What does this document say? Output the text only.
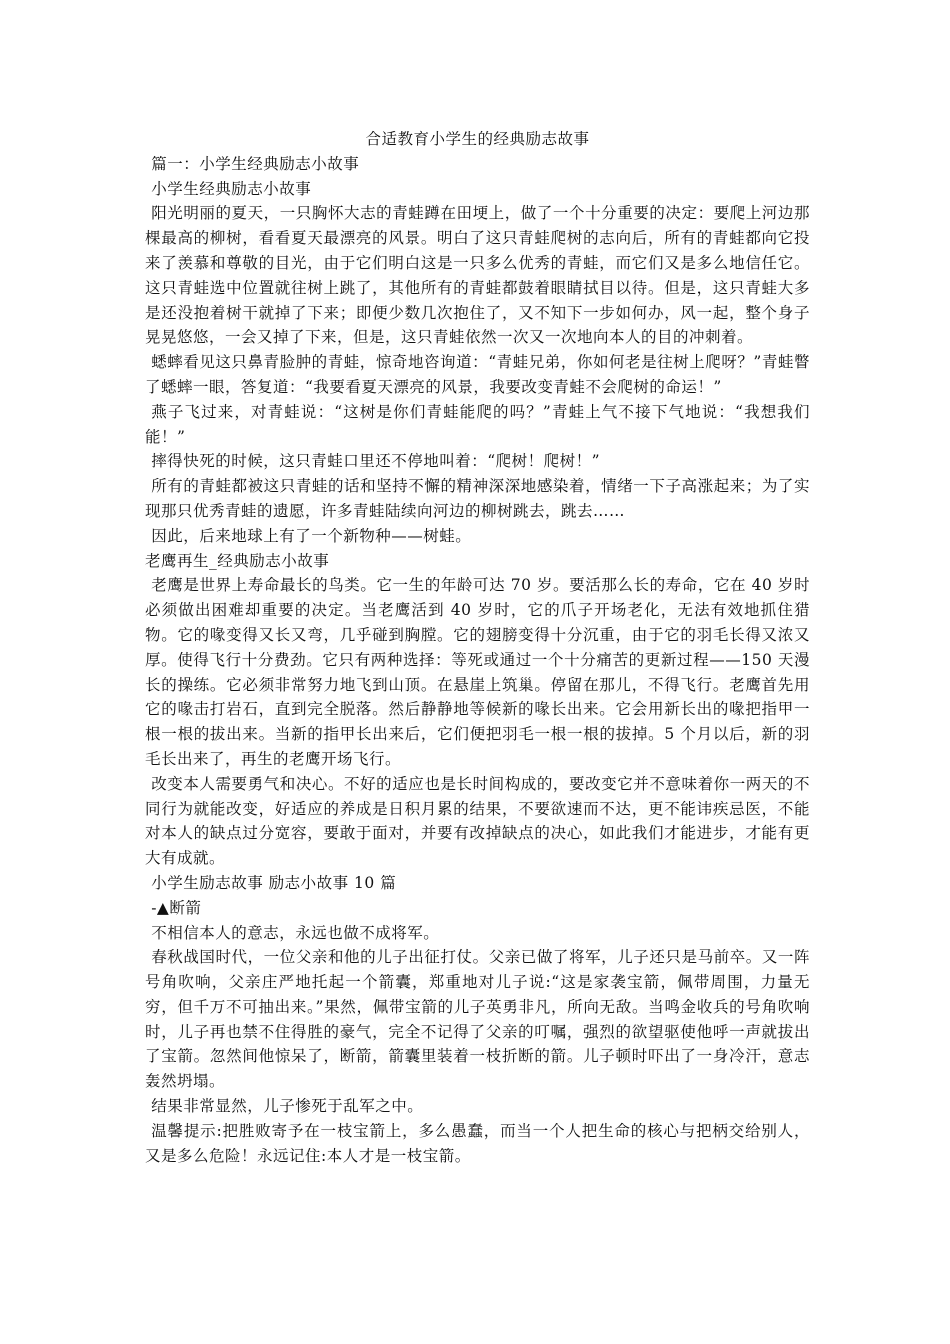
合适教育小学生的经典励志故事

篇一：小学生经典励志小故事

小学生经典励志小故事

阳光明丽的夏天，一只胸怀大志的青蛙蹲在田埂上，做了一个十分重要的决定：要爬上河边那棵最高的柳树，看看夏天最漂亮的风景。明白了这只青蛙爬树的志向后，所有的青蛙都向它投来了羡慕和尊敬的目光，由于它们明白这是一只多么优秀的青蛙，而它们又是多么地信任它。这只青蛙选中位置就往树上跳了，其他所有的青蛙都鼓着眼睛拭目以待。但是，这只青蛙大多是还没抱着树干就掉了下来；即便少数几次抱住了，又不知下一步如何办，风一起，整个身子晃晃悠悠，一会又掉了下来，但是，这只青蛙依然一次又一次地向本人的目的冲刺着。

蟋蟀看见这只鼻青脸肿的青蛙，惊奇地咨询道：“青蛙兄弟，你如何老是往树上爬呀？”青蛙瞥了蟋蟀一眼，答复道：“我要看夏天漂亮的风景，我要改变青蛙不会爬树的命运！”

燕子飞过来，对青蛙说：“这树是你们青蛙能爬的吗？”青蛙上气不接下气地说：“我想我们能！”

摔得快死的时候，这只青蛙口里还不停地叫着：“爬树！爬树！”

所有的青蛙都被这只青蛙的话和坚持不懈的精神深深地感染着，情绪一下子高涨起来；为了实现那只优秀青蛙的遗愿，许多青蛙陆续向河边的柳树跳去，跳去……

因此，后来地球上有了一个新物种——树蛙。

老鹰再生_经典励志小故事

老鹰是世界上寿命最长的鸟类。它一生的年龄可达 70 岁。要活那么长的寿命，它在 40 岁时必须做出困难却重要的决定。当老鹰活到 40 岁时，它的爪子开场老化，无法有效地抓住猎物。它的喙变得又长又弯，几乎碰到胸膛。它的翅膀变得十分沉重，由于它的羽毛长得又浓又厚。使得飞行十分费劲。它只有两种选择：等死或通过一个十分痛苦的更新过程——150 天漫长的操练。它必须非常努力地飞到山顶。在悬崖上筑巢。停留在那儿，不得飞行。老鹰首先用它的喙击打岩石，直到完全脱落。然后静静地等候新的喙长出来。它会用新长出的喙把指甲一根一根的拔出来。当新的指甲长出来后，它们便把羽毛一根一根的拔掉。5 个月以后，新的羽毛长出来了，再生的老鹰开场飞行。

改变本人需要勇气和决心。不好的适应也是长时间构成的，要改变它并不意味着你一两天的不同行为就能改变，好适应的养成是日积月累的结果，不要欲速而不达，更不能讳疾忌医，不能对本人的缺点过分宽容，要敢于面对，并要有改掉缺点的决心，如此我们才能进步，才能有更大有成就。

小学生励志故事 励志小故事 10 篇

-▲断箭

不相信本人的意志，永远也做不成将军。

春秋战国时代，一位父亲和他的儿子出征打仗。父亲已做了将军，儿子还只是马前卒。又一阵号角吹响，父亲庄严地托起一个箭囊，郑重地对儿子说:“这是家袭宝箭，佩带周围，力量无穷，但千万不可抽出来。”果然，佩带宝箭的儿子英勇非凡，所向无敌。当鸣金收兵的号角吹响时，儿子再也禁不住得胜的豪气，完全不记得了父亲的叮嘱，强烈的欲望驱使他呼一声就拔出了宝箭。忽然间他惊呆了，断箭，箭囊里装着一枝折断的箭。儿子顿时吓出了一身冷汗，意志轰然坍塌。

结果非常显然，儿子惨死于乱军之中。

温馨提示:把胜败寄予在一枝宝箭上，多么愚蠢，而当一个人把生命的核心与把柄交给别人，又是多么危险！永远记住:本人才是一枝宝箭。
